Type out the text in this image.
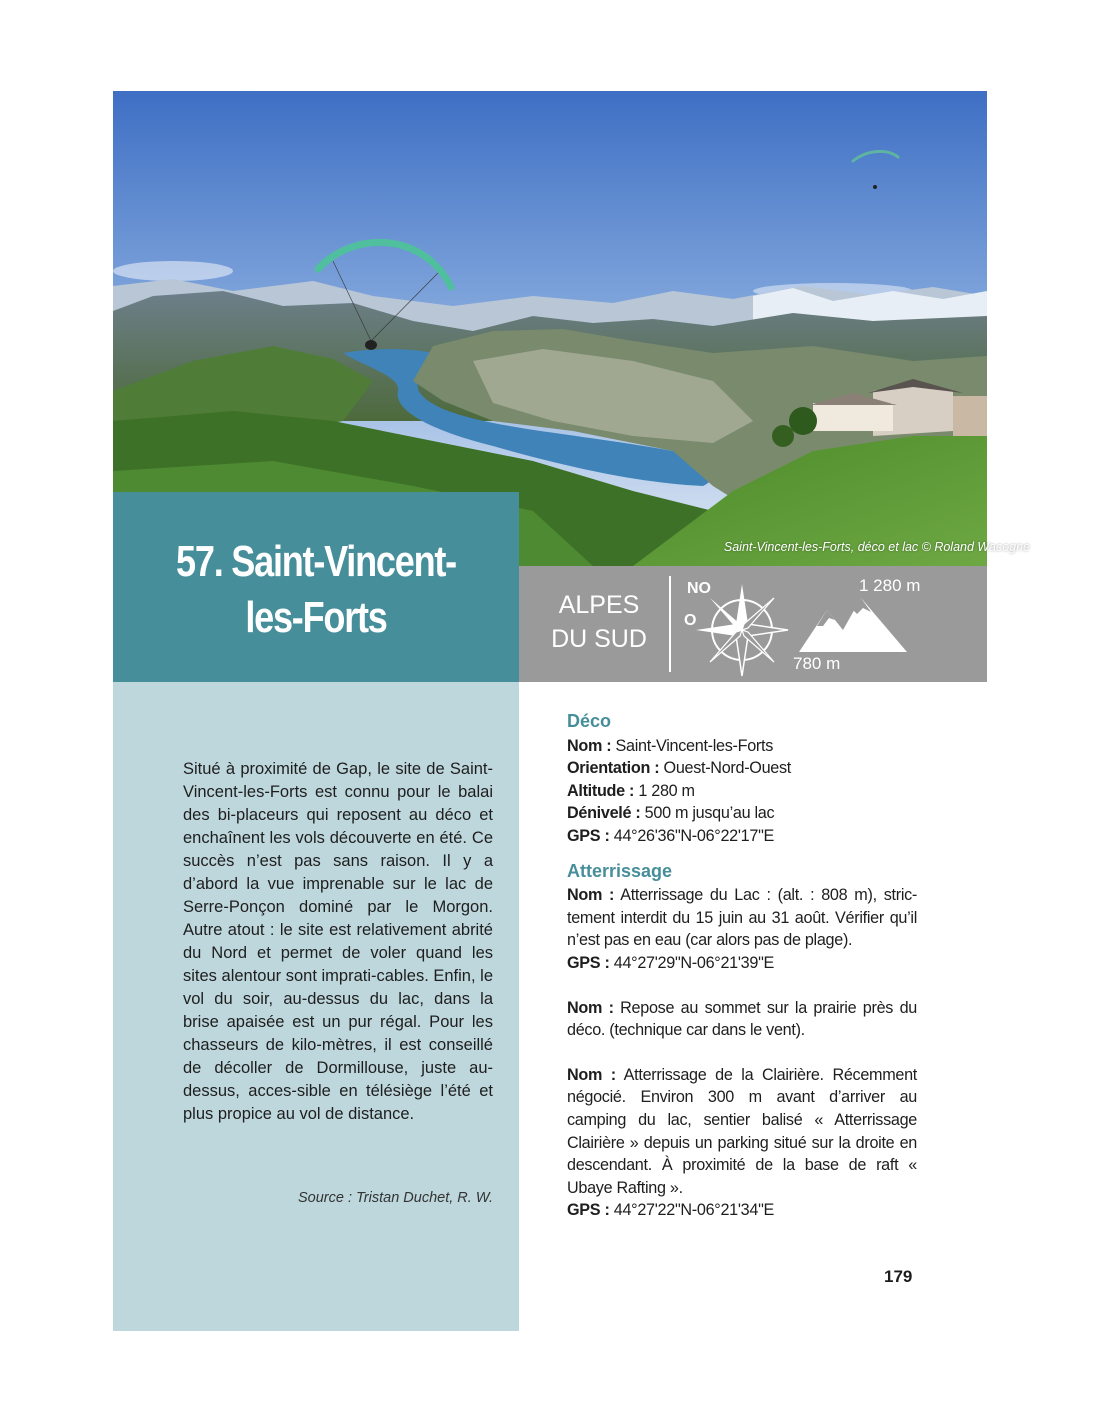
Saint-Vincent-les-Forts, déco et lac © Roland Wacogne
57. Saint-Vincent-
les-Forts	ALPES
DU SUD
NO
O
1 280 m
780 m
Situé à proximité de Gap, le site de Saint-Vincent-les-Forts est connu pour le balai des bi-placeurs qui reposent au déco et enchaînent les vols découverte en été. Ce succès n’est pas sans raison. Il y a d’abord la vue imprenable sur le lac de Serre-Ponçon dominé par le Morgon. Autre atout : le site est relativement abrité du Nord et permet de voler quand les sites alentour sont imprati-cables. Enfin, le vol du soir, au-dessus du lac, dans la brise apaisée est un pur régal. Pour les chasseurs de kilo-mètres, il est conseillé de décoller de Dormillouse, juste au-dessus, acces-sible en télésiège l’été et plus propice au vol de distance.
Source : Tristan Duchet, R. W.
Déco
Nom : Saint-Vincent-les-Forts
Orientation : Ouest-Nord-Ouest
Altitude : 1 280 m
Dénivelé : 500 m jusqu’au lac
GPS : 44°26'36"N-06°22'17"E
Atterrissage
Nom : Atterrissage du Lac : (alt. : 808 m), stric-tement interdit du 15 juin au 31 août. Vérifier qu’il n’est pas en eau (car alors pas de plage).
GPS : 44°27'29"N-06°21'39"E
Nom : Repose au sommet sur la prairie près du déco. (technique car dans le vent).
Nom : Atterrissage de la Clairière. Récemment négocié. Environ 300 m avant d’arriver au camping du lac, sentier balisé « Atterrissage Clairière » depuis un parking situé sur la droite en descendant. À proximité de la base de raft « Ubaye Rafting ».
GPS : 44°27'22"N-06°21'34"E
179
